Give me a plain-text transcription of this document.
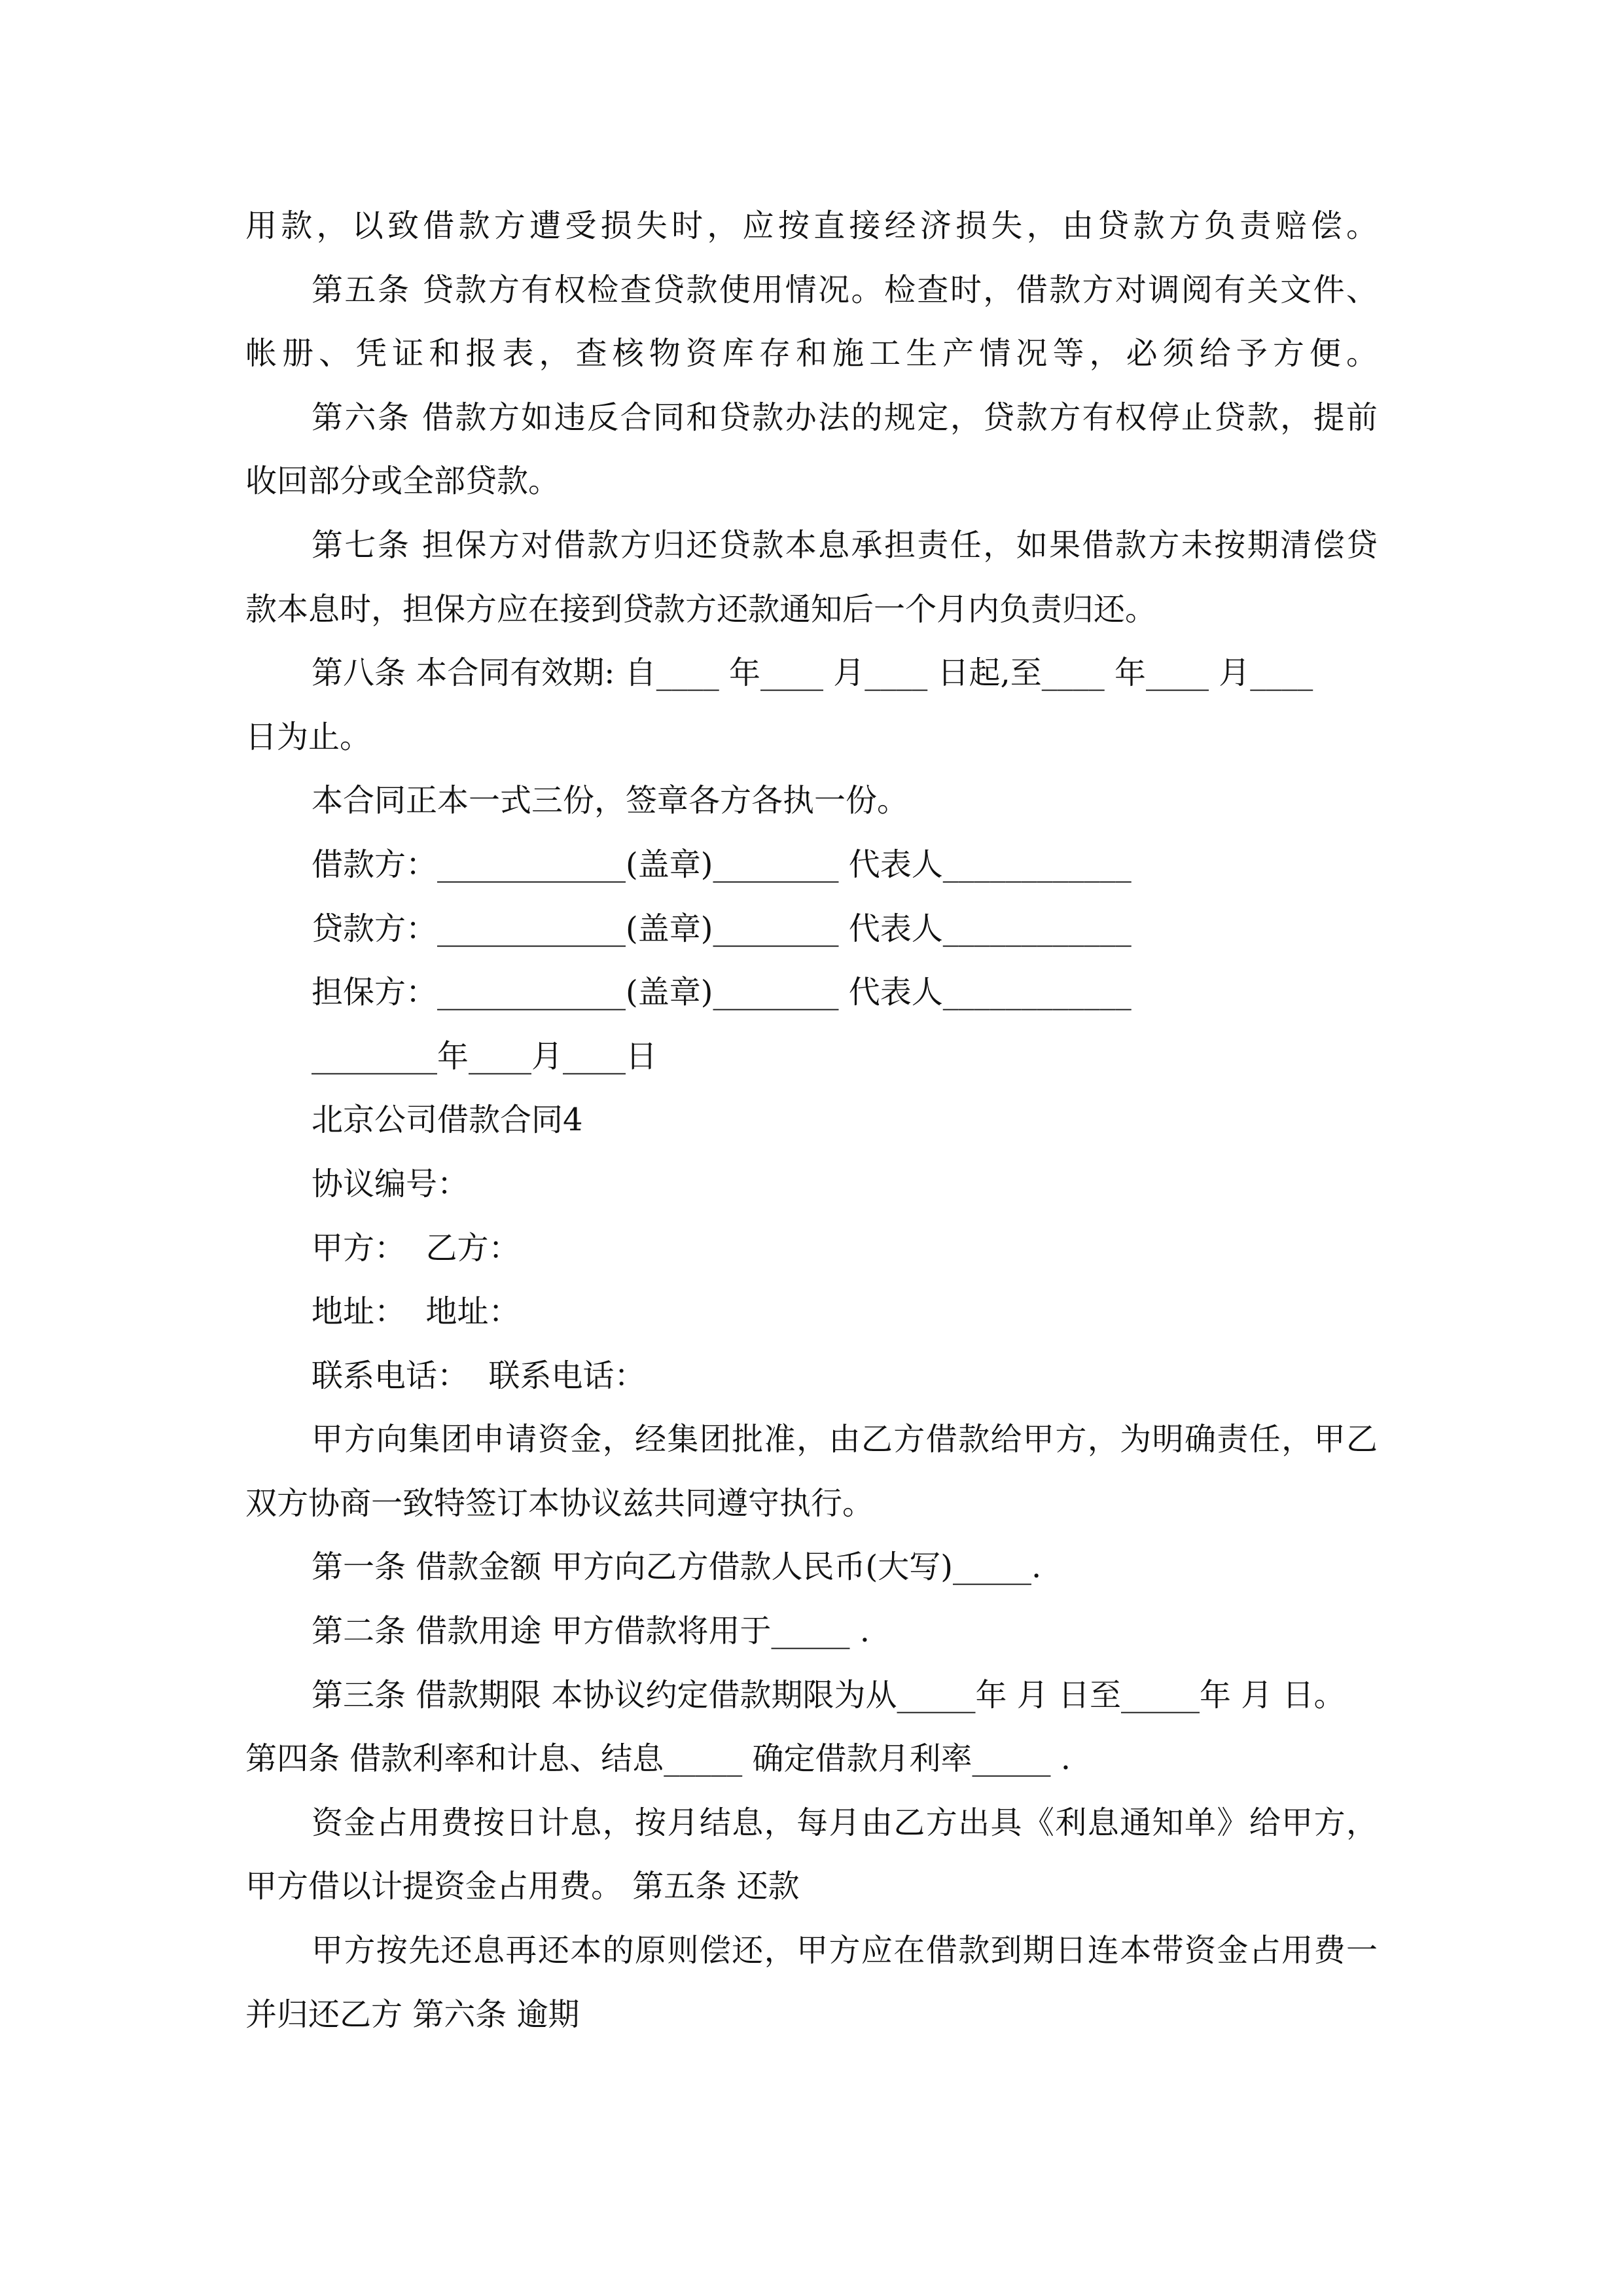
用款，以致借款方遭受损失时，应按直接经济损失，由贷款方负责赔偿。
第五条 贷款方有权检查贷款使用情况。检查时，借款方对调阅有关文件、
帐册、凭证和报表，查核物资库存和施工生产情况等，必须给予方便。
第六条 借款方如违反合同和贷款办法的规定，贷款方有权停止贷款，提前
收回部分或全部贷款。
第七条 担保方对借款方归还贷款本息承担责任，如果借款方未按期清偿贷
款本息时，担保方应在接到贷款方还款通知后一个月内负责归还。
第八条 本合同有效期: 自____ 年____ 月____ 日起,至____ 年____ 月____
日为止。
本合同正本一式三份，签章各方各执一份。
借款方：____________(盖章)________ 代表人____________
贷款方：____________(盖章)________ 代表人____________
担保方：____________(盖章)________ 代表人____________
________年____月____日
北京公司借款合同4
协议编号：
甲方：  乙方：
地址：  地址：
联系电话：  联系电话：
甲方向集团申请资金，经集团批准，由乙方借款给甲方，为明确责任，甲乙
双方协商一致特签订本协议兹共同遵守执行。
第一条 借款金额 甲方向乙方借款人民币(大写)_____.
第二条 借款用途 甲方借款将用于_____ .
第三条 借款期限 本协议约定借款期限为从_____年 月 日至_____年 月 日。
第四条 借款利率和计息、结息_____ 确定借款月利率_____ .
资金占用费按日计息，按月结息，每月由乙方出具《利息通知单》给甲方，
甲方借以计提资金占用费。 第五条 还款
甲方按先还息再还本的原则偿还，甲方应在借款到期日连本带资金占用费一
并归还乙方 第六条 逾期
